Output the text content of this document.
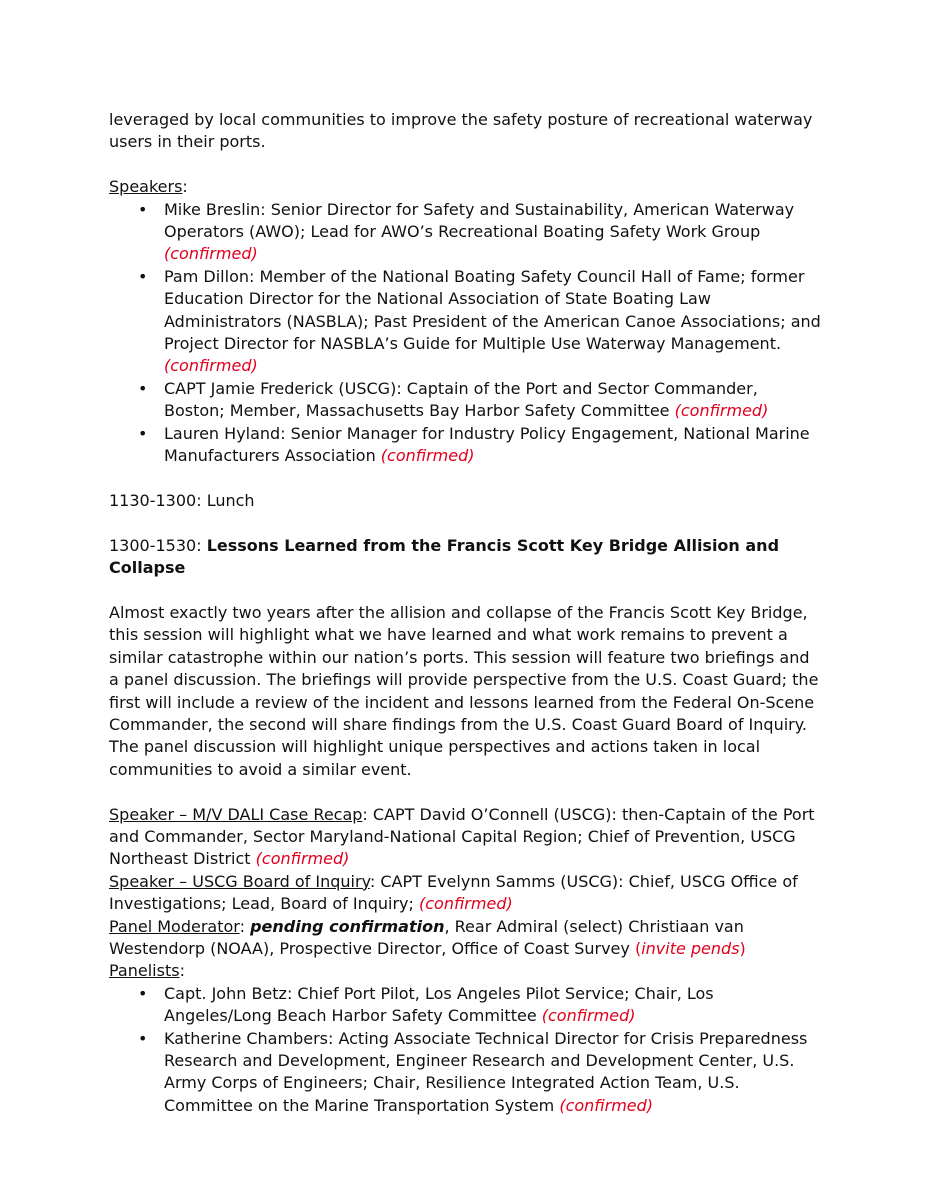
leveraged by local communities to improve the safety posture of recreational waterway users in their ports.

Speakers:

• Mike Breslin: Senior Director for Safety and Sustainability, American Waterway Operators (AWO); Lead for AWO’s Recreational Boating Safety Work Group (confirmed)
• Pam Dillon: Member of the National Boating Safety Council Hall of Fame; former Education Director for the National Association of State Boating Law Administrators (NASBLA); Past President of the American Canoe Associations; and Project Director for NASBLA’s Guide for Multiple Use Waterway Management. (confirmed)
• CAPT Jamie Frederick (USCG): Captain of the Port and Sector Commander, Boston; Member, Massachusetts Bay Harbor Safety Committee (confirmed)
• Lauren Hyland: Senior Manager for Industry Policy Engagement, National Marine Manufacturers Association (confirmed)

1130-1300: Lunch

1300-1530: Lessons Learned from the Francis Scott Key Bridge Allision and Collapse

Almost exactly two years after the allision and collapse of the Francis Scott Key Bridge, this session will highlight what we have learned and what work remains to prevent a similar catastrophe within our nation’s ports. This session will feature two briefings and a panel discussion. The briefings will provide perspective from the U.S. Coast Guard; the first will include a review of the incident and lessons learned from the Federal On-Scene Commander, the second will share findings from the U.S. Coast Guard Board of Inquiry. The panel discussion will highlight unique perspectives and actions taken in local communities to avoid a similar event.

Speaker – M/V DALI Case Recap: CAPT David O’Connell (USCG): then-Captain of the Port and Commander, Sector Maryland-National Capital Region; Chief of Prevention, USCG Northeast District (confirmed)

Speaker – USCG Board of Inquiry: CAPT Evelynn Samms (USCG): Chief, USCG Office of Investigations; Lead, Board of Inquiry; (confirmed)

Panel Moderator: pending confirmation, Rear Admiral (select) Christiaan van Westendorp (NOAA), Prospective Director, Office of Coast Survey (invite pends)

Panelists:

• Capt. John Betz: Chief Port Pilot, Los Angeles Pilot Service; Chair, Los Angeles/Long Beach Harbor Safety Committee (confirmed)
• Katherine Chambers: Acting Associate Technical Director for Crisis Preparedness Research and Development, Engineer Research and Development Center, U.S. Army Corps of Engineers; Chair, Resilience Integrated Action Team, U.S. Committee on the Marine Transportation System (confirmed)
